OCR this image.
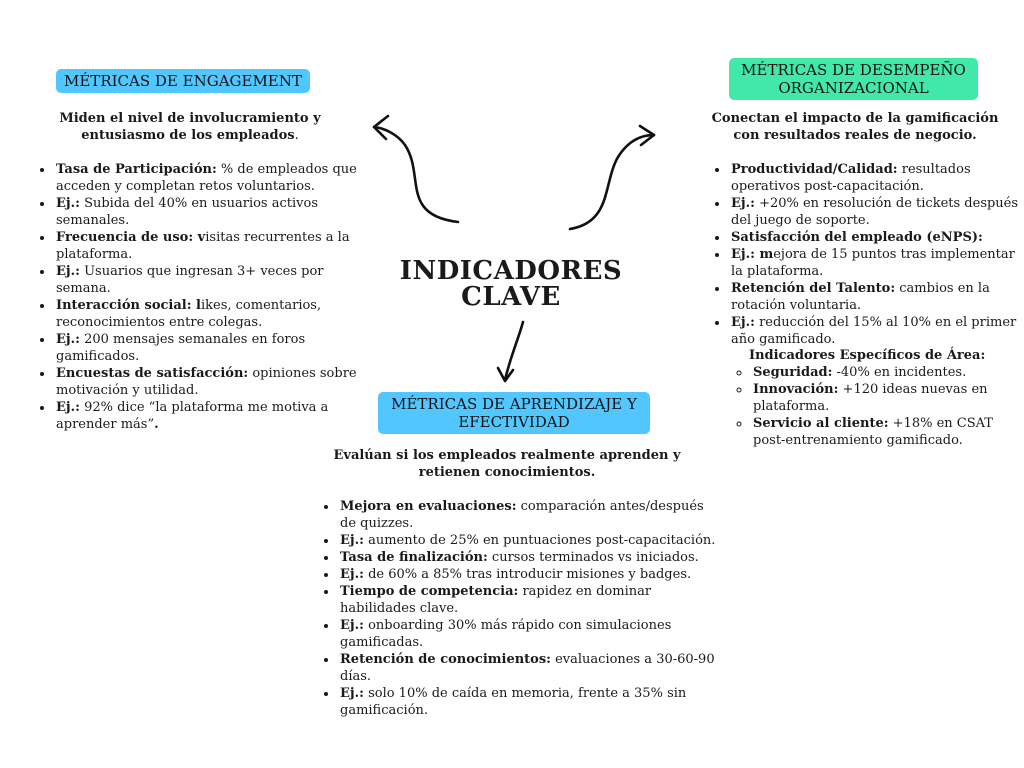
INDICADORES
CLAVE
MÉTRICAS DE ENGAGEMENT
Miden el nivel de involucramiento y entusiasmo de los empleados.
• Tasa de Participación: % de empleados que acceden y completan retos voluntarios.
• Ej.: Subida del 40% en usuarios activos semanales.
• Frecuencia de uso: visitas recurrentes a la plataforma.
• Ej.: Usuarios que ingresan 3+ veces por semana.
• Interacción social: likes, comentarios, reconocimientos entre colegas.
• Ej.: 200 mensajes semanales en foros gamificados.
• Encuestas de satisfacción: opiniones sobre motivación y utilidad.
• Ej.: 92% dice “la plataforma me motiva a aprender más”.
MÉTRICAS DE DESEMPEÑO
ORGANIZACIONAL
Conectan el impacto de la gamificación con resultados reales de negocio.
• Productividad/Calidad: resultados operativos post-capacitación.
• Ej.: +20% en resolución de tickets después del juego de soporte.
• Satisfacción del empleado (eNPS):
• Ej.: mejora de 15 puntos tras implementar la plataforma.
• Retención del Talento: cambios en la rotación voluntaria.
• Ej.: reducción del 15% al 10% en el primer año gamificado.
Indicadores Específicos de Área:
◦ Seguridad: -40% en incidentes.
◦ Innovación: +120 ideas nuevas en plataforma.
◦ Servicio al cliente: +18% en CSAT post-entrenamiento gamificado.
MÉTRICAS DE APRENDIZAJE Y
EFECTIVIDAD
Evalúan si los empleados realmente aprenden y retienen conocimientos.
• Mejora en evaluaciones: comparación antes/después de quizzes.
• Ej.: aumento de 25% en puntuaciones post-capacitación.
• Tasa de finalización: cursos terminados vs iniciados.
• Ej.: de 60% a 85% tras introducir misiones y badges.
• Tiempo de competencia: rapidez en dominar habilidades clave.
• Ej.: onboarding 30% más rápido con simulaciones gamificadas.
• Retención de conocimientos: evaluaciones a 30-60-90 días.
• Ej.: solo 10% de caída en memoria, frente a 35% sin gamificación.
